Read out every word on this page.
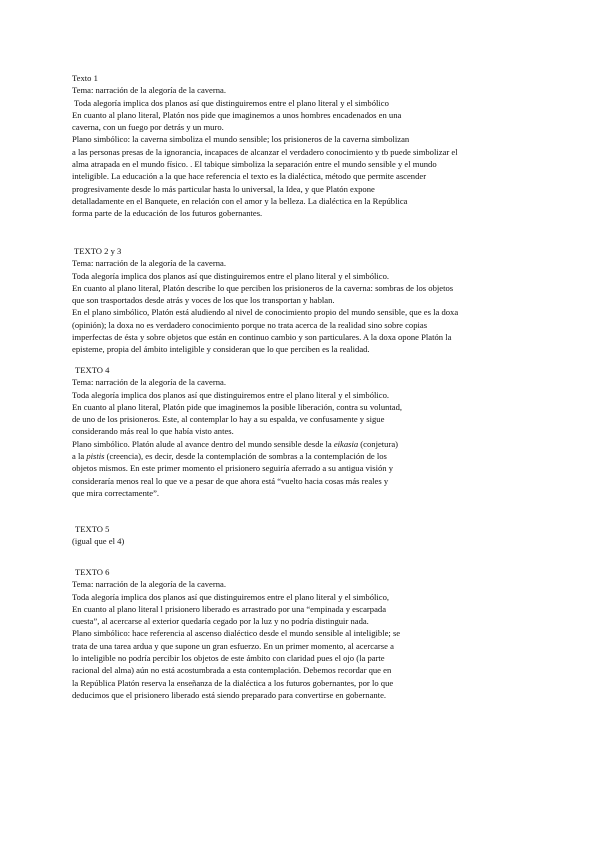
Texto 1
Tema: narración de la alegoría de la caverna.
Toda alegoría implica dos planos así que distinguiremos entre el plano literal y el simbólico
En cuanto al plano literal, Platón nos pide que imaginemos a unos hombres encadenados en una
caverna, con un fuego por detrás y un muro.
Plano simbólico: la caverna simboliza el mundo sensible; los prisioneros de la caverna simbolizan
a las personas presas de la ignorancia, incapaces de alcanzar el verdadero conocimiento y tb puede simbolizar el
alma atrapada en el mundo físico. . El tabique simboliza la separación entre el mundo sensible y el mundo
inteligible. La educación a la que hace referencia el texto es la dialéctica, método que permite ascender
progresivamente desde lo más particular hasta lo universal, la Idea, y que Platón expone
detalladamente en el Banquete, en relación con el amor y la belleza. La dialéctica en la República
forma parte de la educación de los futuros gobernantes.
TEXTO 2 y 3
Tema: narración de la alegoría de la caverna.
Toda alegoría implica dos planos así que distinguiremos entre el plano literal y el simbólico.
En cuanto al plano literal, Platón describe lo que perciben los prisioneros de la caverna: sombras de los objetos
que son trasportados desde atrás y voces de los que los transportan y hablan.
En el plano simbólico, Platón está aludiendo al nivel de conocimiento propio del mundo sensible, que es la doxa
(opinión); la doxa no es verdadero conocimiento porque no trata acerca de la realidad sino sobre copias
imperfectas de ésta y sobre objetos que están en continuo cambio y son particulares. A la doxa opone Platón la
episteme, propia del ámbito inteligible y consideran que lo que perciben es la realidad.
TEXTO 4
Tema: narración de la alegoría de la caverna.
Toda alegoría implica dos planos así que distinguiremos entre el plano literal y el simbólico.
En cuanto al plano literal, Platón pide que imaginemos la posible liberación, contra su voluntad,
de uno de los prisioneros. Este, al contemplar lo hay a su espalda, ve confusamente y sigue
considerando más real lo que había visto antes.
Plano simbólico. Platón alude al avance dentro del mundo sensible desde la eikasia (conjetura)
a la pistis (creencia), es decir, desde la contemplación de sombras a la contemplación de los
objetos mismos. En este primer momento el prisionero seguiría aferrado a su antigua visión y
consideraría menos real lo que ve a pesar de que ahora está “vuelto hacia cosas más reales y
que mira correctamente”.
TEXTO 5
(igual que el 4)
TEXTO 6
Tema: narración de la alegoría de la caverna.
Toda alegoría implica dos planos así que distinguiremos entre el plano literal y el simbólico,
En cuanto al plano literal l prisionero liberado es arrastrado por una “empinada y escarpada
cuesta”, al acercarse al exterior quedaría cegado por la luz y no podría distinguir nada.
Plano simbólico: hace referencia al ascenso dialéctico desde el mundo sensible al inteligible; se
trata de una tarea ardua y que supone un gran esfuerzo. En un primer momento, al acercarse a
lo inteligible no podría percibir los objetos de este ámbito con claridad pues el ojo (la parte
racional del alma) aún no está acostumbrada a esta contemplación. Debemos recordar que en
la República Platón reserva la enseñanza de la dialéctica a los futuros gobernantes, por lo que
deducimos que el prisionero liberado está siendo preparado para convertirse en gobernante.
